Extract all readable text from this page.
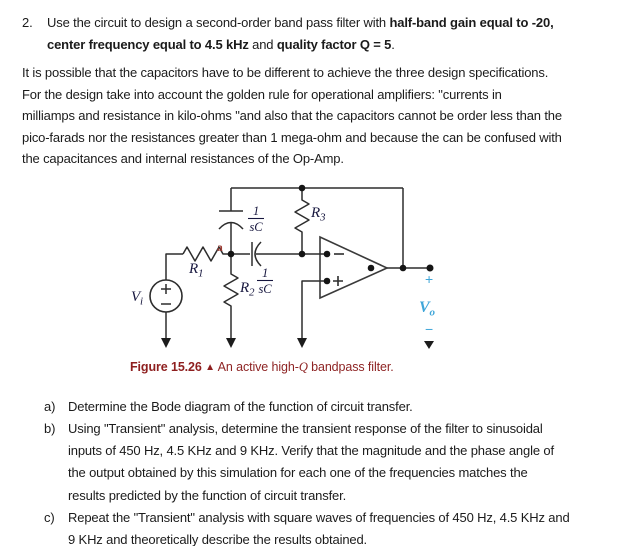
2.	Use the circuit to design a second-order band pass filter with half-band gain equal to -20,
center frequency equal to 4.5 kHz and quality factor Q = 5.
It is possible that the capacitors have to be different to achieve the three design specifications.
For the design take into account the golden rule for operational amplifiers: "currents in
milliamps and resistance in kilo-ohms "and also that the capacitors cannot be order less than the
pico-farads nor the resistances greater than 1 mega-ohm and because the can be confused with
the capacitances and internal resistances of the Op-Amp.
$V_i$
$R_1$
$R_2$
$R_3$
1
sC
1
sC
a
+
$V_o$
−
Figure 15.26 ▲ An active high-Q bandpass filter.
a) Determine the Bode diagram of the function of circuit transfer.
b) Using "Transient" analysis, determine the transient response of the filter to sinusoidal
inputs of 450 Hz, 4.5 KHz and 9 KHz. Verify that the magnitude and the phase angle of
the output obtained by this simulation for each one of the frequencies matches the
results predicted by the function of circuit transfer.
c)	Repeat the "Transient" analysis with square waves of frequencies of 450 Hz, 4.5 KHz and
9 KHz and theoretically describe the results obtained.
